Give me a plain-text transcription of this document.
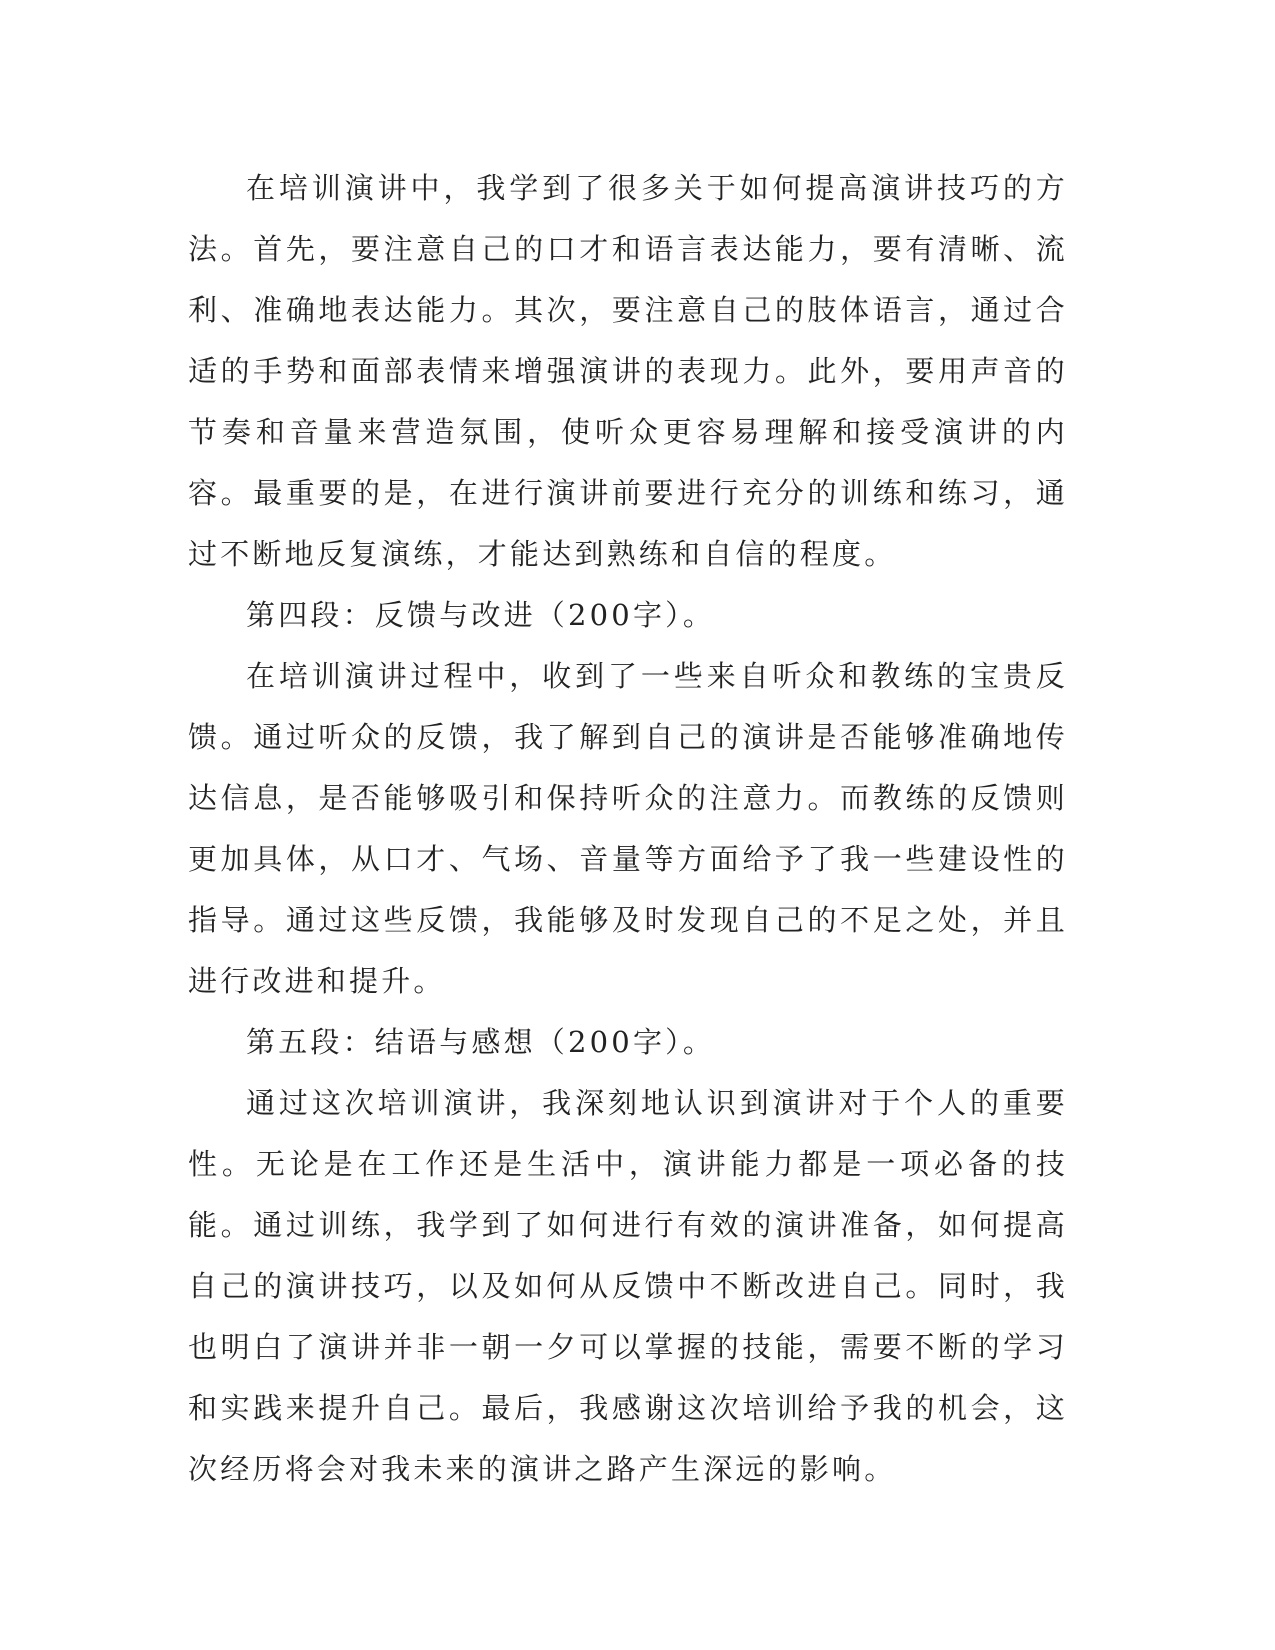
在培训演讲中，我学到了很多关于如何提高演讲技巧的方法。首先，要注意自己的口才和语言表达能力，要有清晰、流利、准确地表达能力。其次，要注意自己的肢体语言，通过合适的手势和面部表情来增强演讲的表现力。此外，要用声音的节奏和音量来营造氛围，使听众更容易理解和接受演讲的内容。最重要的是，在进行演讲前要进行充分的训练和练习，通过不断地反复演练，才能达到熟练和自信的程度。

第四段：反馈与改进（200字）。

在培训演讲过程中，收到了一些来自听众和教练的宝贵反馈。通过听众的反馈，我了解到自己的演讲是否能够准确地传达信息，是否能够吸引和保持听众的注意力。而教练的反馈则更加具体，从口才、气场、音量等方面给予了我一些建设性的指导。通过这些反馈，我能够及时发现自己的不足之处，并且进行改进和提升。

第五段：结语与感想（200字）。

通过这次培训演讲，我深刻地认识到演讲对于个人的重要性。无论是在工作还是生活中，演讲能力都是一项必备的技能。通过训练，我学到了如何进行有效的演讲准备，如何提高自己的演讲技巧，以及如何从反馈中不断改进自己。同时，我也明白了演讲并非一朝一夕可以掌握的技能，需要不断的学习和实践来提升自己。最后，我感谢这次培训给予我的机会，这次经历将会对我未来的演讲之路产生深远的影响。
